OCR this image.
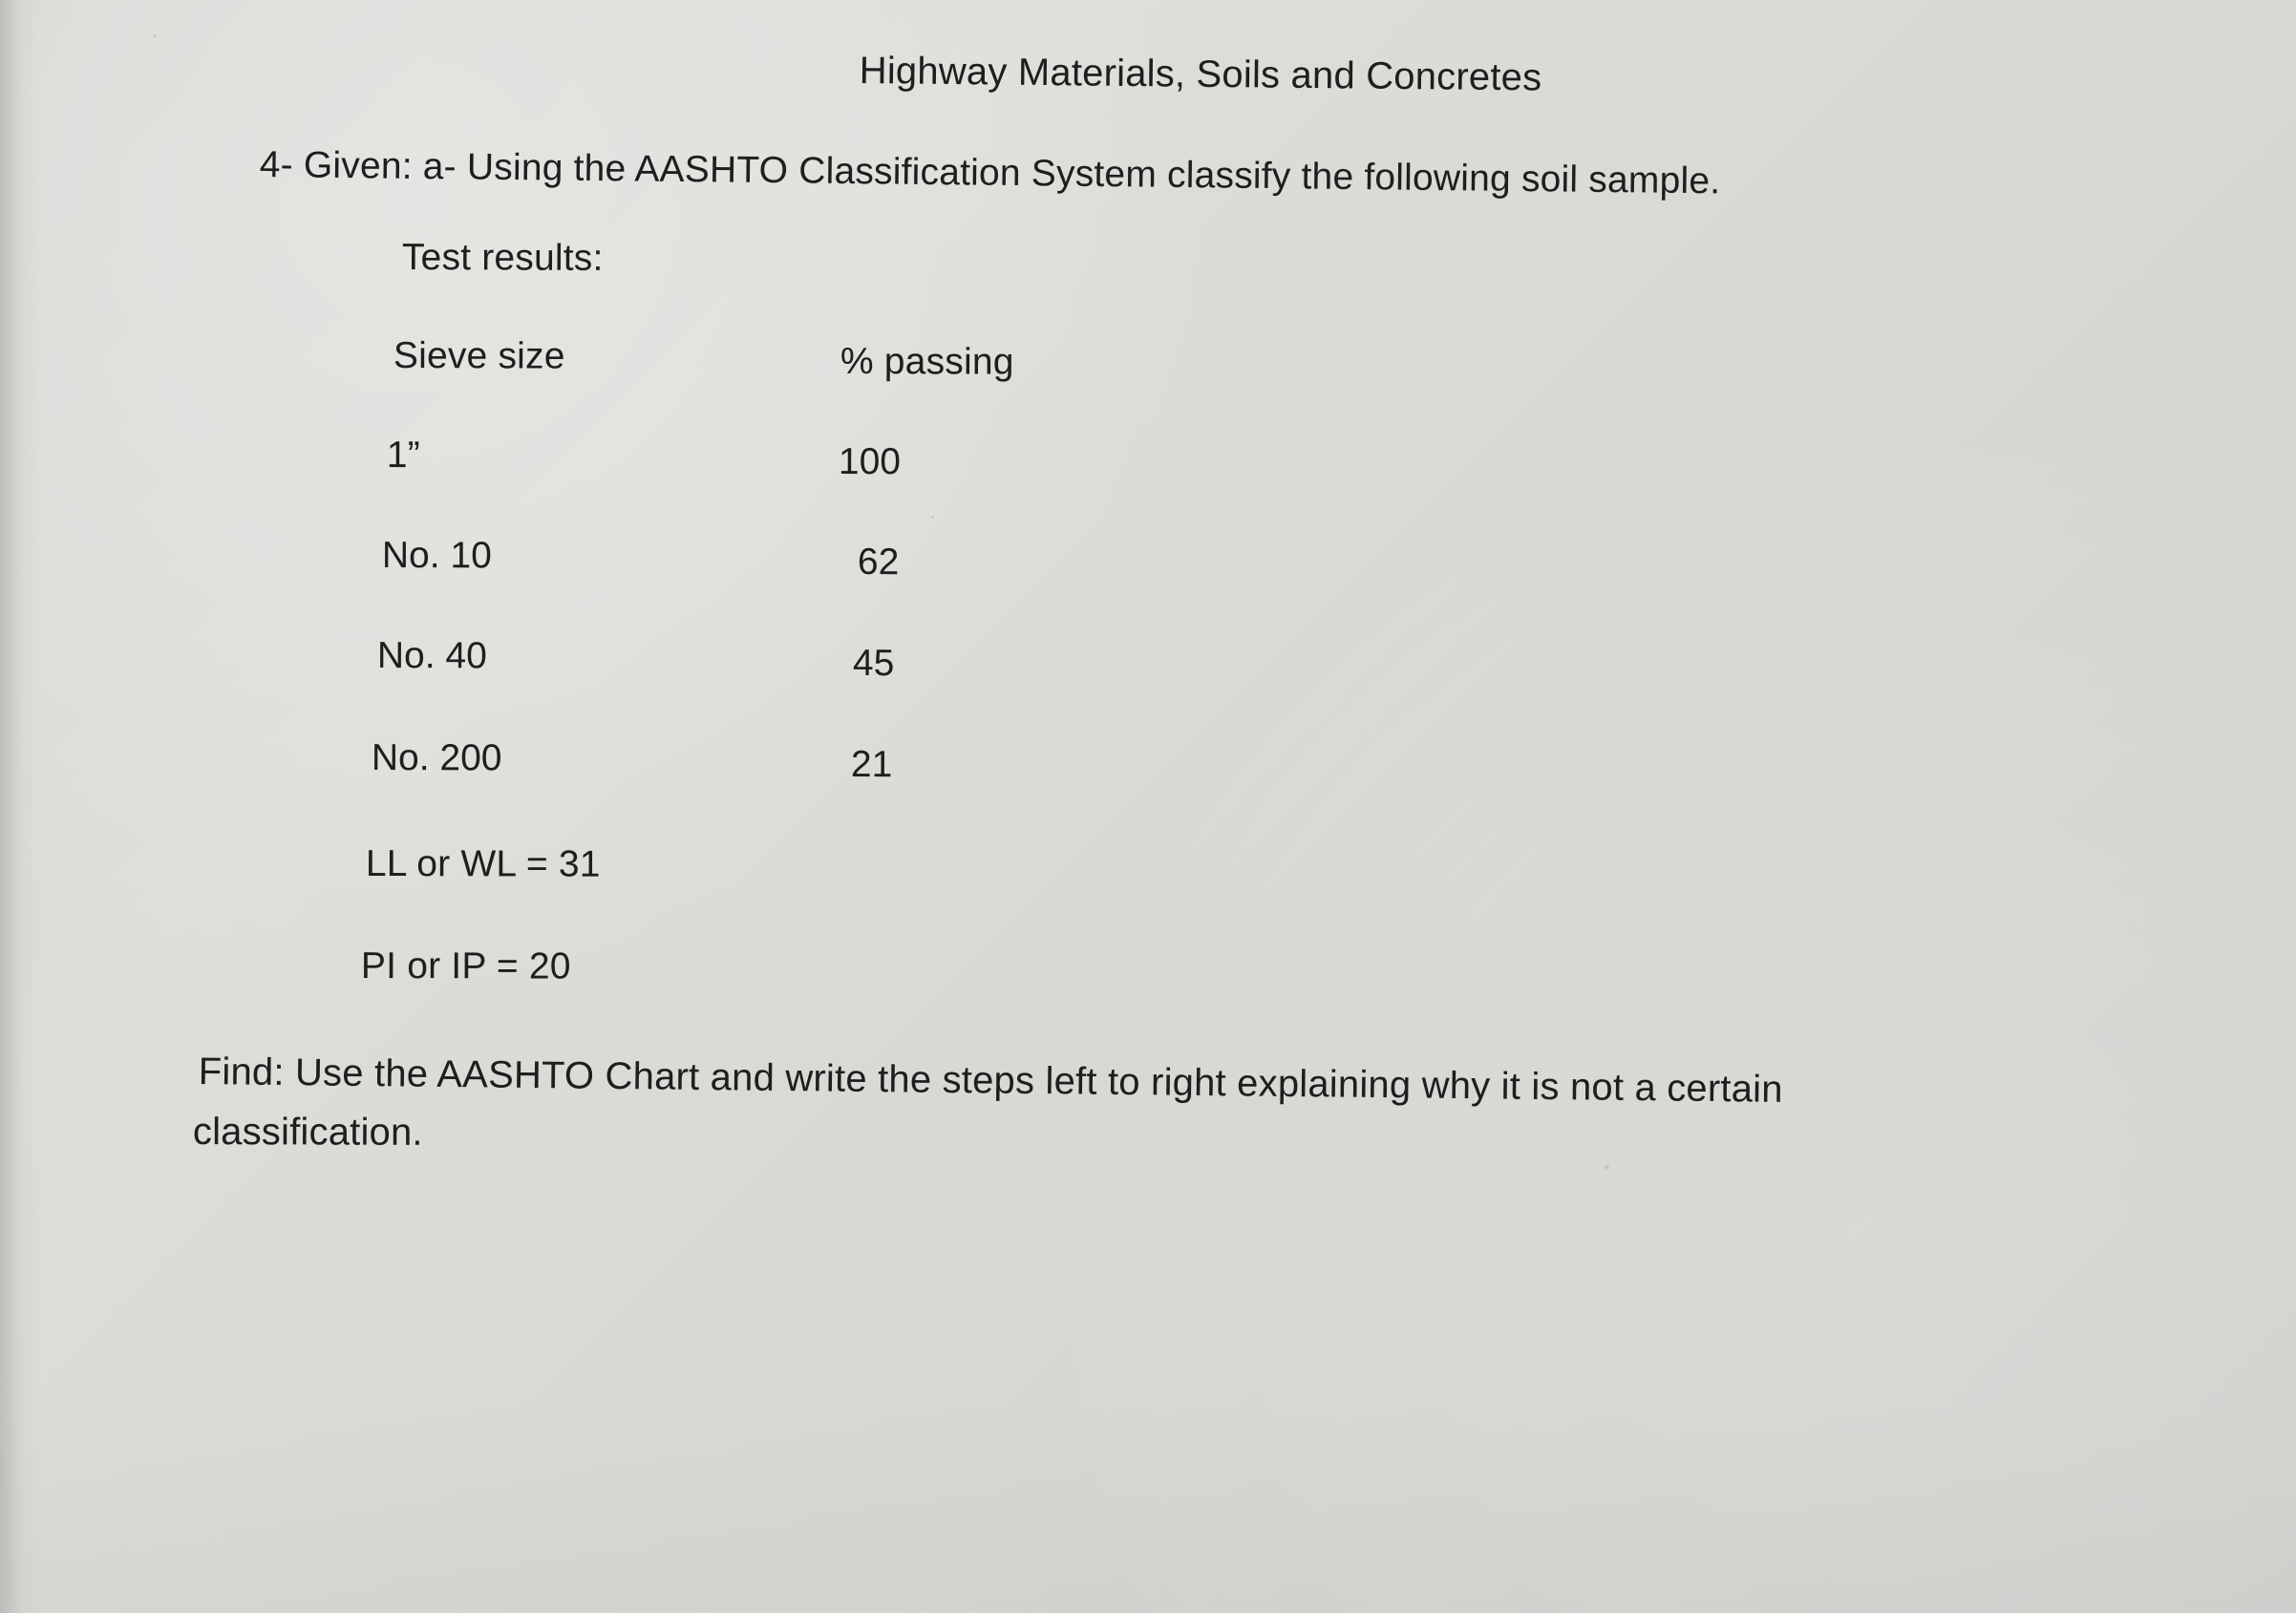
Highway Materials, Soils and Concretes
4- Given: a- Using the AASHTO Classification System classify the following soil sample.
Test results:
Sieve size	% passing
1”	100
No. 10	62
No. 40	45
No. 200	21
LL or WL = 31
PI or IP = 20
Find: Use the AASHTO Chart and write the steps left to right explaining why it is not a certain
classification.
